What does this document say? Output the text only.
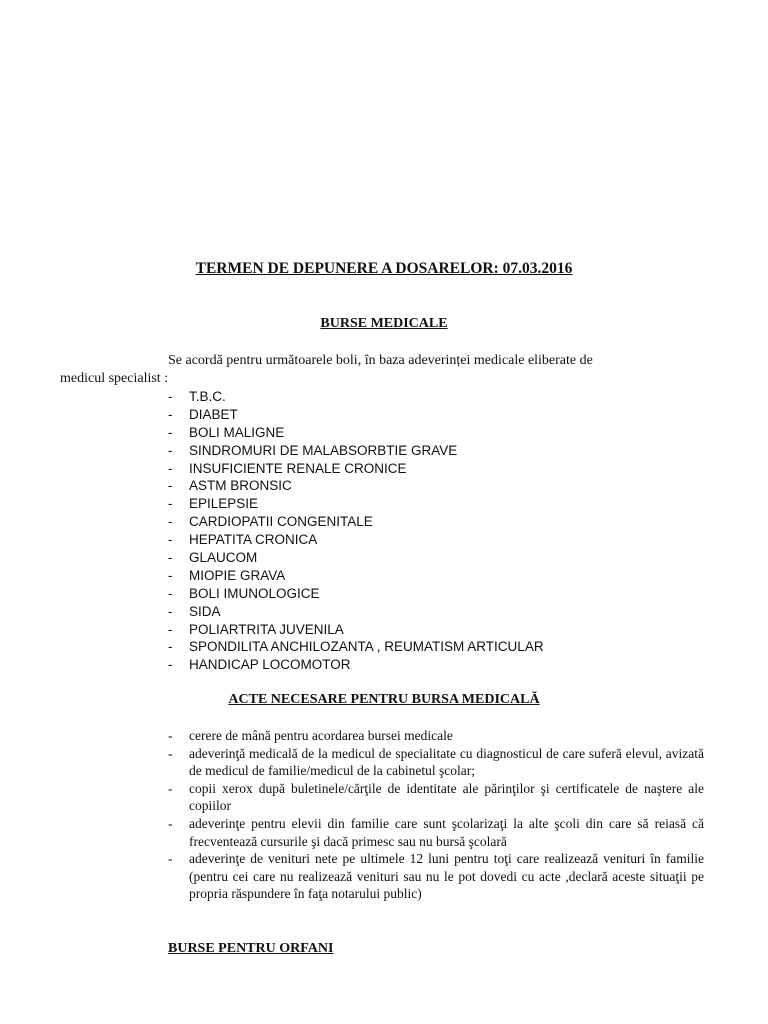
TERMEN DE DEPUNERE A DOSARELOR: 07.03.2016
BURSE MEDICALE

Se acordă pentru următoarele boli, în baza adeverinței medicale eliberate de

medicul specialist :

- T.B.C.
- DIABET
- BOLI MALIGNE
- SINDROMURI DE MALABSORBTIE GRAVE
- INSUFICIENTE RENALE CRONICE
- ASTM BRONSIC
- EPILEPSIE
- CARDIOPATII CONGENITALE
- HEPATITA CRONICA
- GLAUCOM
- MIOPIE GRAVA
- BOLI IMUNOLOGICE
- SIDA
- POLIARTRITA JUVENILA
- SPONDILITA ANCHILOZANTA , REUMATISM ARTICULAR
- HANDICAP LOCOMOTOR
ACTE NECESARE PENTRU BURSA MEDICALĂ
- cerere de mână pentru acordarea bursei medicale
- adeverinţă medicală de la medicul de specialitate cu diagnosticul de care suferă elevul, avizată de medicul de familie/medicul de la cabinetul şcolar;
- copii xerox după buletinele/cărţile de identitate ale părinţilor şi certificatele de naştere ale copiilor
- adeverinţe pentru elevii din familie care sunt şcolarizaţi la alte şcoli din care să reiasă că frecventează cursurile şi dacă primesc sau nu bursă şcolară
- adeverinţe de venituri nete pe ultimele 12 luni pentru toţi care realizează venituri în familie (pentru cei care nu realizează venituri sau nu le pot dovedi cu acte ,declară aceste situaţii pe propria răspundere în faţa notarului public)
BURSE PENTRU ORFANI
